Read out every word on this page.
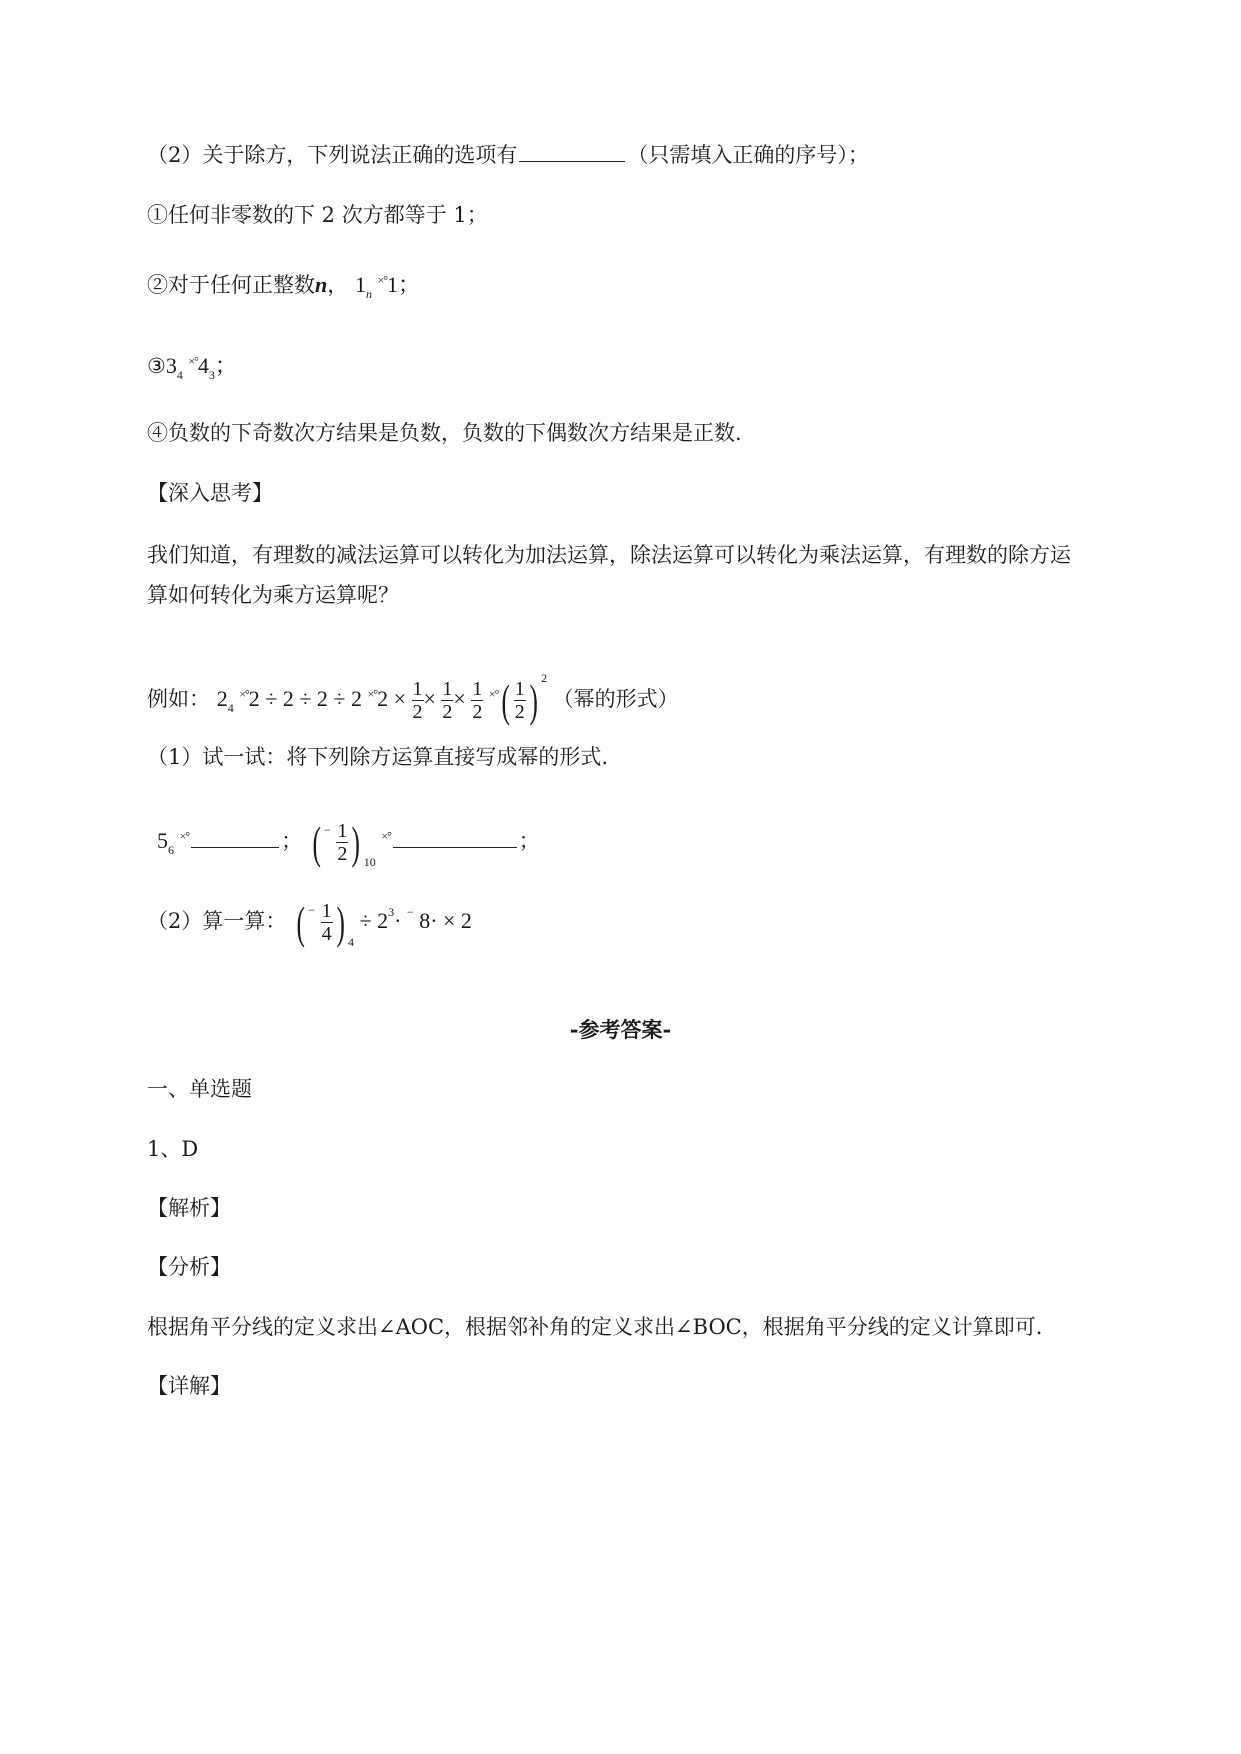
（2）关于除方，下列说法正确的选项有	（只需填入正确的序号）；
①任何非零数的下 2 次方都等于 1；
②对于任何正整数n， $1_n$ ×°1；
$③3_4$ $^{\times^\circ}4_3$；
④负数的下奇数次方结果是负数，负数的下偶数次方结果是正数.
【深入思考】
我们知道，有理数的减法运算可以转化为加法运算，除法运算可以转化为乘法运算，有理数的除方运
算如何转化为乘方运算呢？
例如： $2_4$ ×°2 ÷ 2 ÷ 2 ÷ 2 $^{\times^\circ}2 \times \frac{1}{2} \times \frac{1}{2} \times \frac{1}{2} ^{\times^\circ}( \frac{1}{2}$ ) $^2$ （幂的形式）
（1）试一试：将下列除方运算直接写成幂的形式.
$5_6$ ×°	； ( $^- \frac{1}{2}$ ) $_{10}$ ×°	；
（2）算一算： ( $^- \frac{1}{4}$ ) $_4 \div 2^3\cdot ^-$ 8· × 2
-参考答案-
一、单选题
1、D
【解析】
【分析】
根据角平分线的定义求出∠AOC，根据邻补角的定义求出∠BOC，根据角平分线的定义计算即可.
【详解】
